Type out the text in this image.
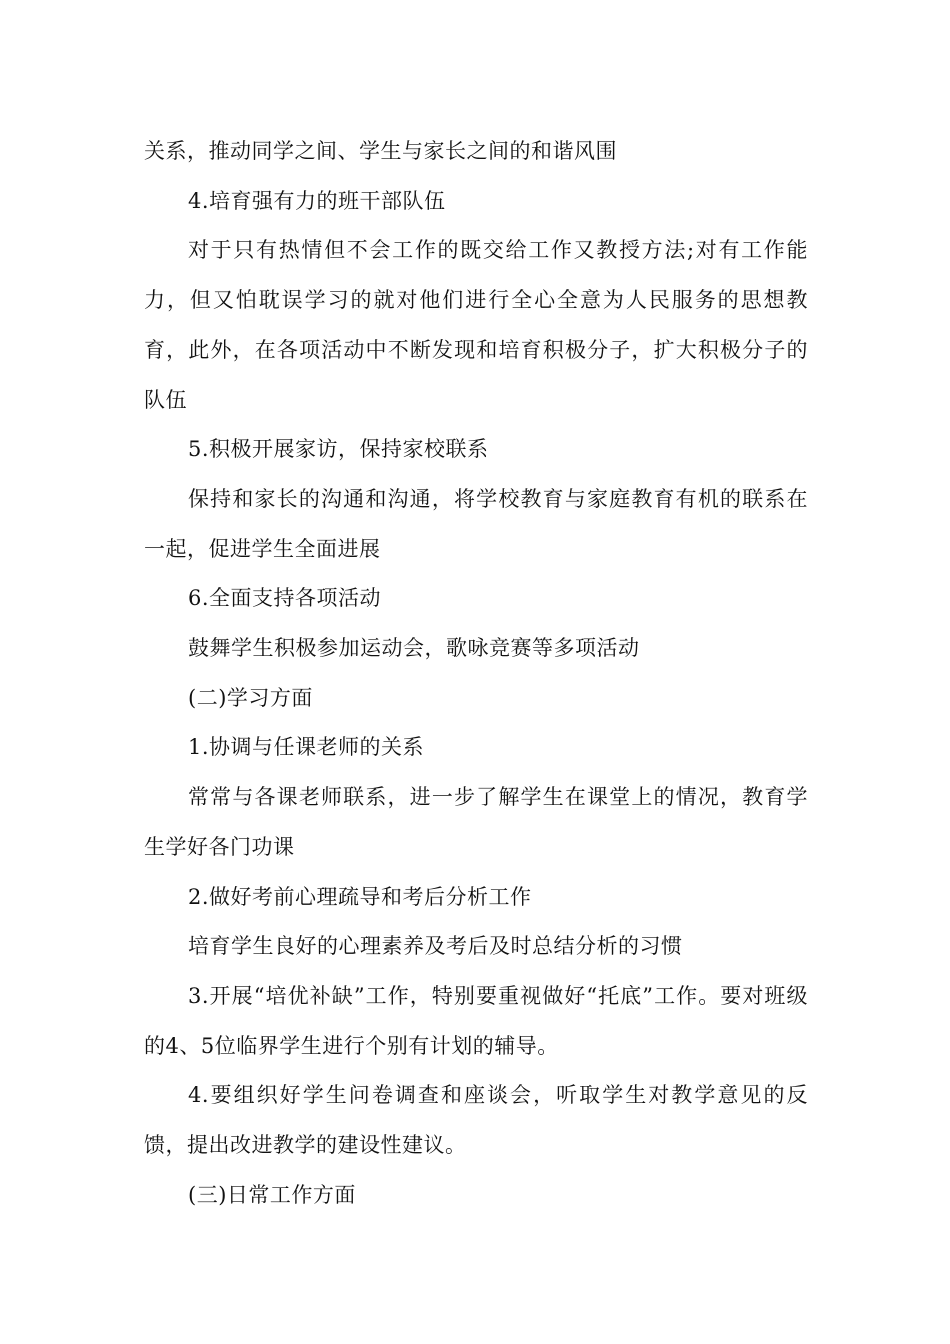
关系，推动同学之间、学生与家长之间的和谐风围

4.培育强有力的班干部队伍

对于只有热情但不会工作的既交给工作又教授方法;对有工作能力，但又怕耽误学习的就对他们进行全心全意为人民服务的思想教育，此外，在各项活动中不断发现和培育积极分子，扩大积极分子的队伍

5.积极开展家访，保持家校联系

保持和家长的沟通和沟通，将学校教育与家庭教育有机的联系在一起，促进学生全面进展

6.全面支持各项活动

鼓舞学生积极参加运动会，歌咏竞赛等多项活动

(二)学习方面

1.协调与任课老师的关系

常常与各课老师联系，进一步了解学生在课堂上的情况，教育学生学好各门功课

2.做好考前心理疏导和考后分析工作

培育学生良好的心理素养及考后及时总结分析的习惯

3.开展“培优补缺”工作，特别要重视做好“托底”工作。要对班级的4、5位临界学生进行个别有计划的辅导。

4.要组织好学生问卷调查和座谈会，听取学生对教学意见的反馈，提出改进教学的建设性建议。

(三)日常工作方面
